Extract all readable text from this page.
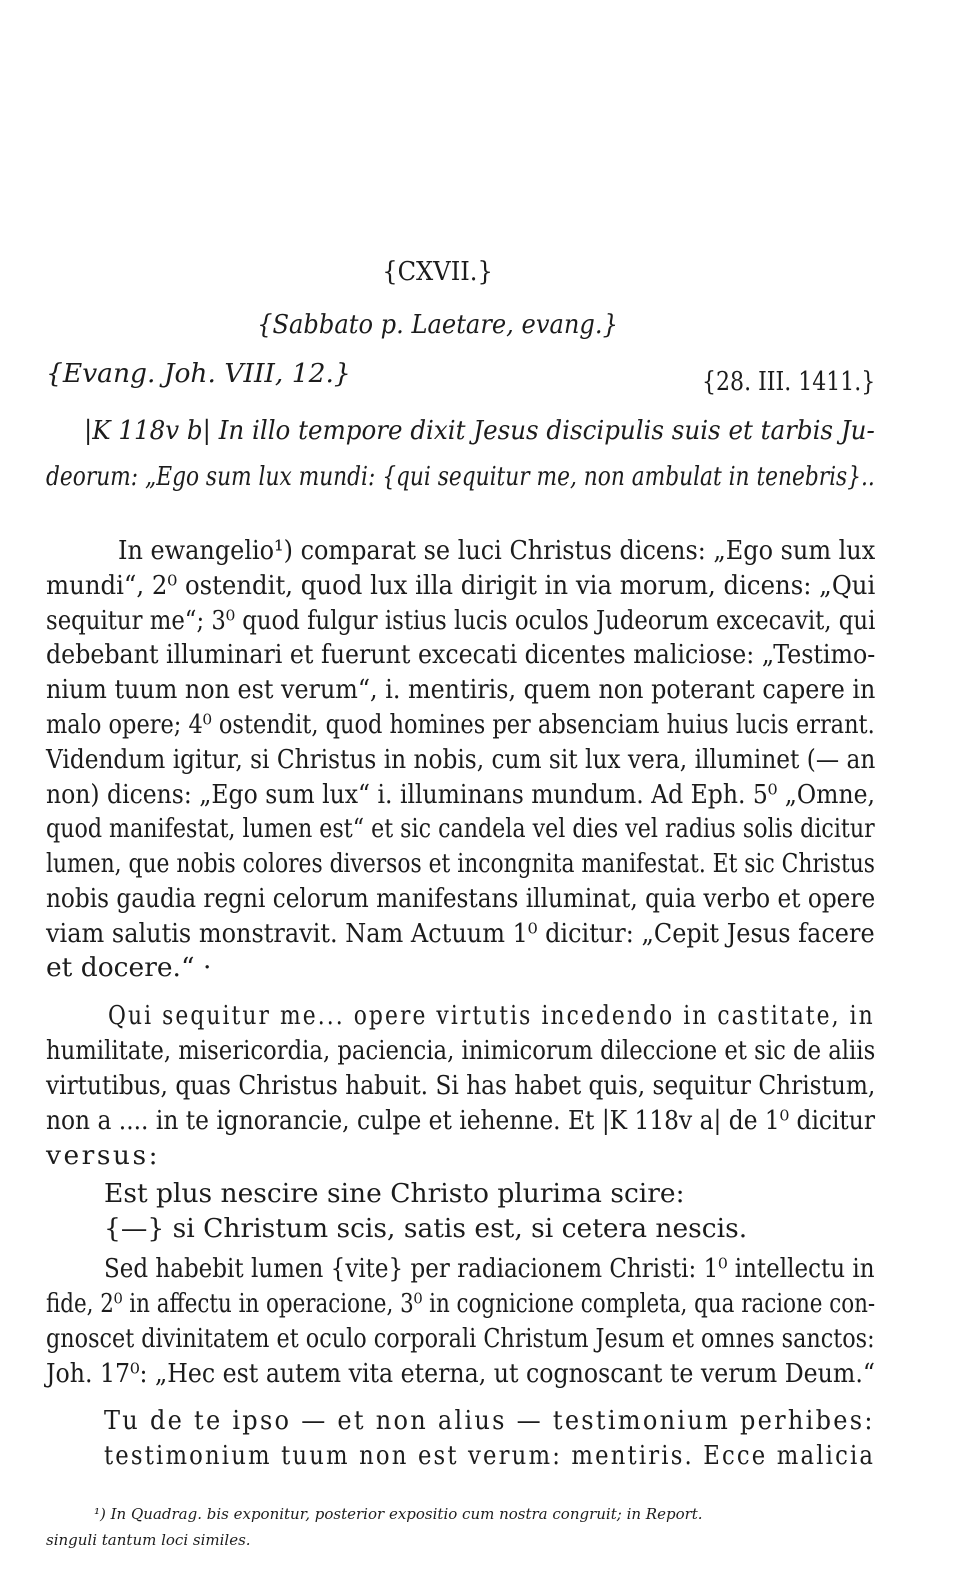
{CXVII.}
{Sabbato p. Laetare, evang.}
{Evang. Joh. VIII, 12.}	{28. III. 1411.}
|K 118v b| In illo tempore dixit Jesus discipulis suis et tarbis Ju-
deorum: „Ego sum lux mundi: {qui sequitur me, non ambulat in tenebris}..
In ewangelio¹) comparat se luci Christus dicens: „Ego sum lux
mundi“, 2⁰ ostendit, quod lux illa dirigit in via morum, dicens: „Qui
sequitur me“; 3⁰ quod fulgur istius lucis oculos Judeorum excecavit, qui
debebant illuminari et fuerunt excecati dicentes maliciose: „Testimo-
nium tuum non est verum“, i. mentiris, quem non poterant capere in
malo opere; 4⁰ ostendit, quod homines per absenciam huius lucis errant.
Videndum igitur, si Christus in nobis, cum sit lux vera, illuminet (— an
non) dicens: „Ego sum lux“ i. illuminans mundum. Ad Eph. 5⁰ „Omne,
quod manifestat, lumen est“ et sic candela vel dies vel radius solis dicitur
lumen, que nobis colores diversos et incongnita manifestat. Et sic Christus
nobis gaudia regni celorum manifestans illuminat, quia verbo et opere
viam salutis monstravit. Nam Actuum 1⁰ dicitur: „Cepit Jesus facere
et docere.“ ·
Qui sequitur me... opere virtutis incedendo in castitate, in
humilitate, misericordia, paciencia, inimicorum dileccione et sic de aliis
virtutibus, quas Christus habuit. Si has habet quis, sequitur Christum,
non a .... in te ignorancie, culpe et iehenne. Et |K 118v a| de 1⁰ dicitur
versus:
Est plus nescire sine Christo plurima scire:
{—} si Christum scis, satis est, si cetera nescis.
Sed habebit lumen {vite} per radiacionem Christi: 1⁰ intellectu in
fide, 2⁰ in affectu in operacione, 3⁰ in cognicione completa, qua racione con-
gnoscet divinitatem et oculo corporali Christum Jesum et omnes sanctos:
Joh. 17⁰: „Hec est autem vita eterna, ut cognoscant te verum Deum.“
Tu de te ipso — et non alius — testimonium perhibes:
testimonium tuum non est verum: mentiris. Ecce malicia
¹) In Quadrag. bis exponitur, posterior expositio cum nostra congruit; in Report.
singuli tantum loci similes.
